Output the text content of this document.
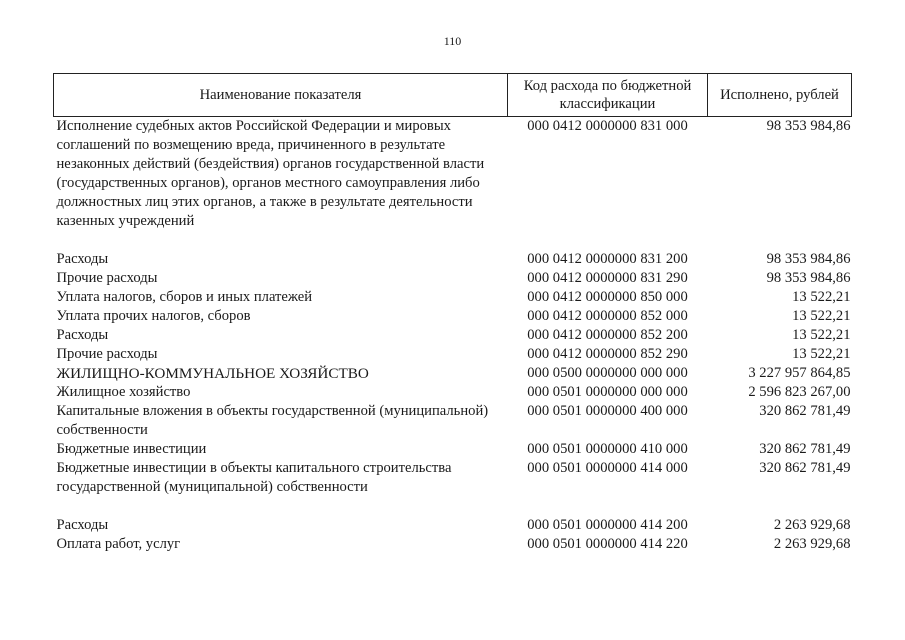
110
Наименование показателя	Код расхода по бюджетной классификации	Исполнено, рублей
Исполнение судебных актов Российской Федерации и мировых соглашений по возмещению вреда, причиненного в результате незаконных действий (бездействия) органов государственной власти (государственных органов), органов местного самоуправления либо должностных лиц этих органов, а также в результате деятельности казенных учреждений	000 0412 0000000 831 000	98 353 984,86
Расходы	000 0412 0000000 831 200	98 353 984,86
Прочие расходы	000 0412 0000000 831 290	98 353 984,86
Уплата налогов, сборов и иных платежей	000 0412 0000000 850 000	13 522,21
Уплата прочих налогов, сборов	000 0412 0000000 852 000	13 522,21
Расходы	000 0412 0000000 852 200	13 522,21
Прочие расходы	000 0412 0000000 852 290	13 522,21
ЖИЛИЩНО-КОММУНАЛЬНОЕ ХОЗЯЙСТВО	000 0500 0000000 000 000	3 227 957 864,85
Жилищное хозяйство	000 0501 0000000 000 000	2 596 823 267,00
Капитальные вложения в объекты государственной (муниципальной) собственности	000 0501 0000000 400 000	320 862 781,49
Бюджетные инвестиции	000 0501 0000000 410 000	320 862 781,49
Бюджетные инвестиции в объекты капитального строительства государственной (муниципальной) собственности	000 0501 0000000 414 000	320 862 781,49
Расходы	000 0501 0000000 414 200	2 263 929,68
Оплата работ, услуг	000 0501 0000000 414 220	2 263 929,68
